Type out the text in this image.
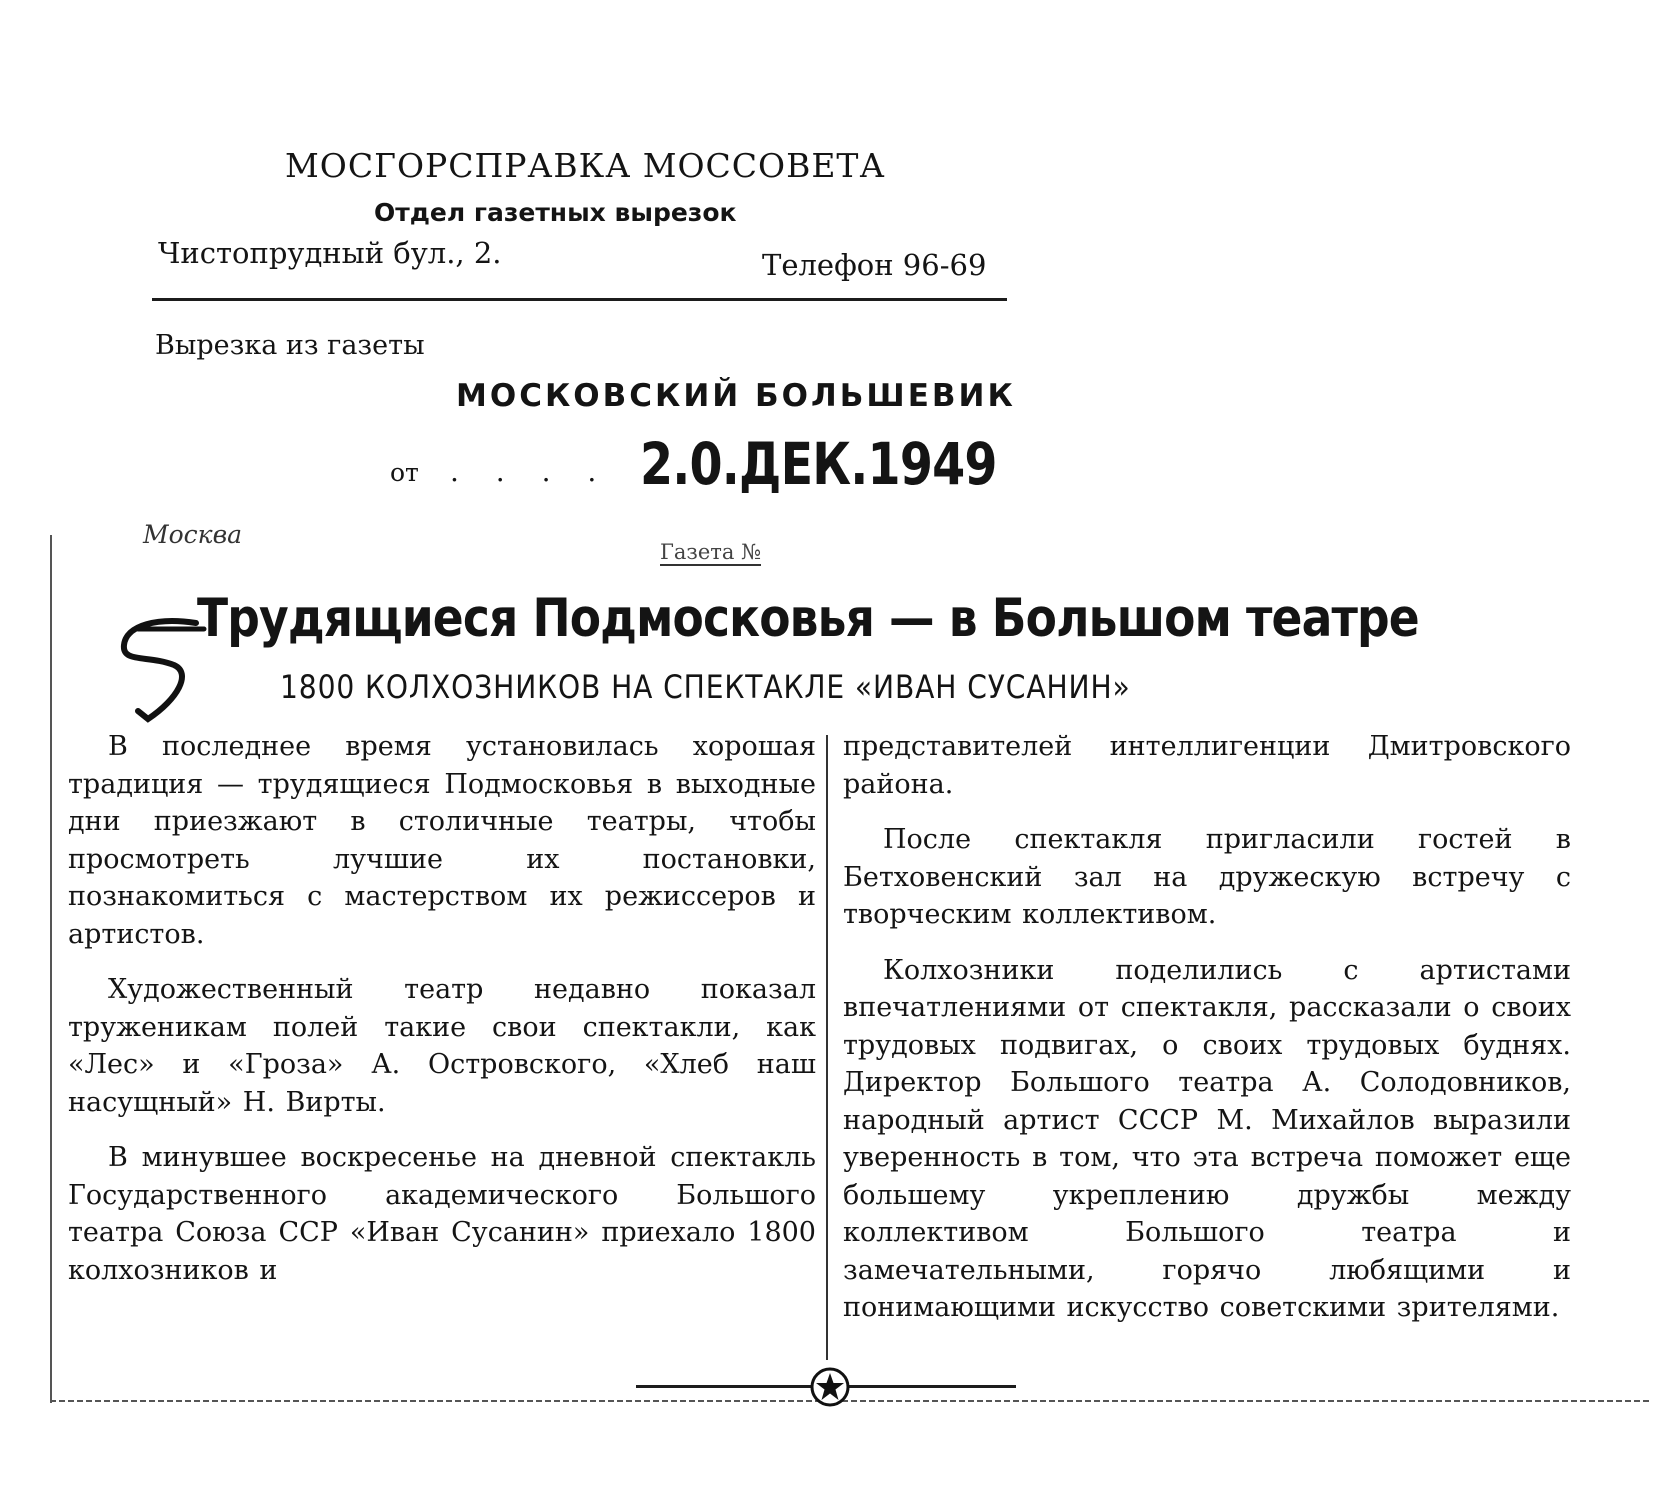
МОСГОРСПРАВКА МОССОВЕТА
Отдел газетных вырезок
Чистопрудный бул., 2.	Телефон 96-69
Вырезка из газеты
МОСКОВСКИЙ БОЛЬШЕВИК
от . . . . 2.0.ДЕК.1949
Москва
Газета №
Трудящиеся Подмосковья — в Большом театре
1800 КОЛХОЗНИКОВ НА СПЕКТАКЛЕ «ИВАН СУСАНИН»

В последнее время установилась хорошая традиция — трудящиеся Подмосковья в выходные дни приезжают в столичные театры, чтобы просмотреть лучшие их постановки, познакомиться с мастерством их режиссеров и артистов.

Художественный театр недавно показал труженикам полей такие свои спектакли, как «Лес» и «Гроза» А. Островского, «Хлеб наш насущный» Н. Вирты.

В минувшее воскресенье на дневной спектакль Государственного академического Большого театра Союза ССР «Иван Сусанин» приехало 1800 колхозников и

представителей интеллигенции Дмитровского района.

После спектакля пригласили гостей в Бетховенский зал на дружескую встречу с творческим коллективом.

Колхозники поделились с артистами впечатлениями от спектакля, рассказали о своих трудовых подвигах, о своих трудовых буднях. Директор Большого театра А. Солодовников, народный артист СССР М. Михайлов выразили уверенность в том, что эта встреча поможет еще большему укреплению дружбы между коллективом Большого театра и замечательными, горячо любящими и понимающими искусство советскими зрителями.
